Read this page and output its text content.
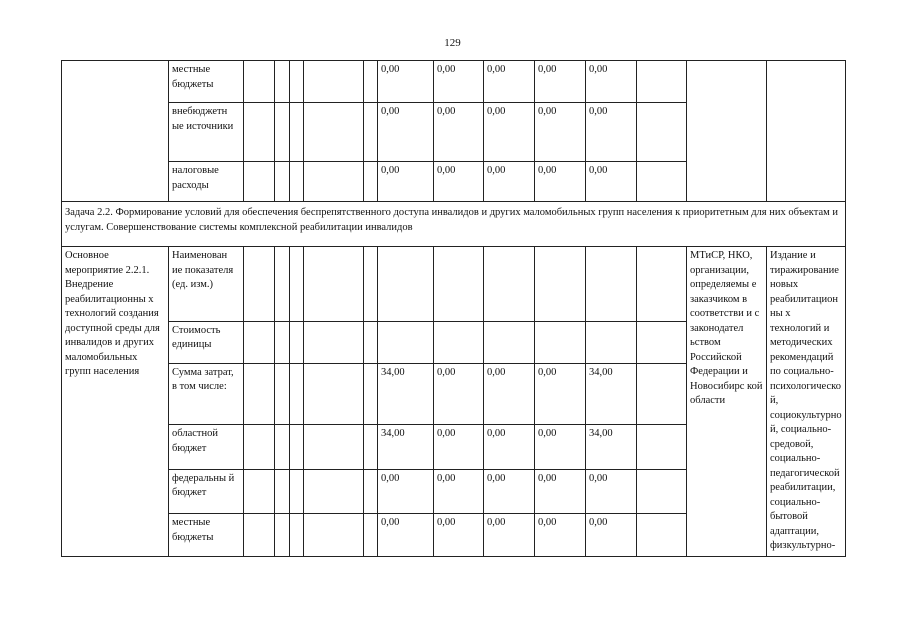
129
	местные бюджеты						0,00	0,00	0,00	0,00	0,00			
	внебюджетн ые источники						0,00	0,00	0,00	0,00	0,00			
	налоговые расходы						0,00	0,00	0,00	0,00	0,00			
Задача 2.2. Формирование условий для обеспечения беспрепятственного доступа инвалидов и других маломобильных групп населения к приоритетным для них объектам и услугам. Совершенствование системы комплексной реабилитации инвалидов														
Основное мероприятие 2.2.1. Внедрение реабилитационны х технологий создания доступной среды для инвалидов и других маломобильных групп населения	Наименован ие показателя (ед. изм.)												МТиСР, НКО, организации, определяемы е заказчиком в соответстви и с законодател ьством Российской Федерации и Новосибирс кой области	Издание и тиражирование новых реабилитационны х технологий и методических рекомендаций по социально-психологической, социокультурной, социально-средовой, социально-педагогической реабилитации, социально-бытовой адаптации, физкультурно-
	Стоимость единицы													
	Сумма затрат, в том числе:						34,00	0,00	0,00	0,00	34,00			
	областной бюджет						34,00	0,00	0,00	0,00	34,00			
	федеральны й бюджет						0,00	0,00	0,00	0,00	0,00			
	местные бюджеты						0,00	0,00	0,00	0,00	0,00			
